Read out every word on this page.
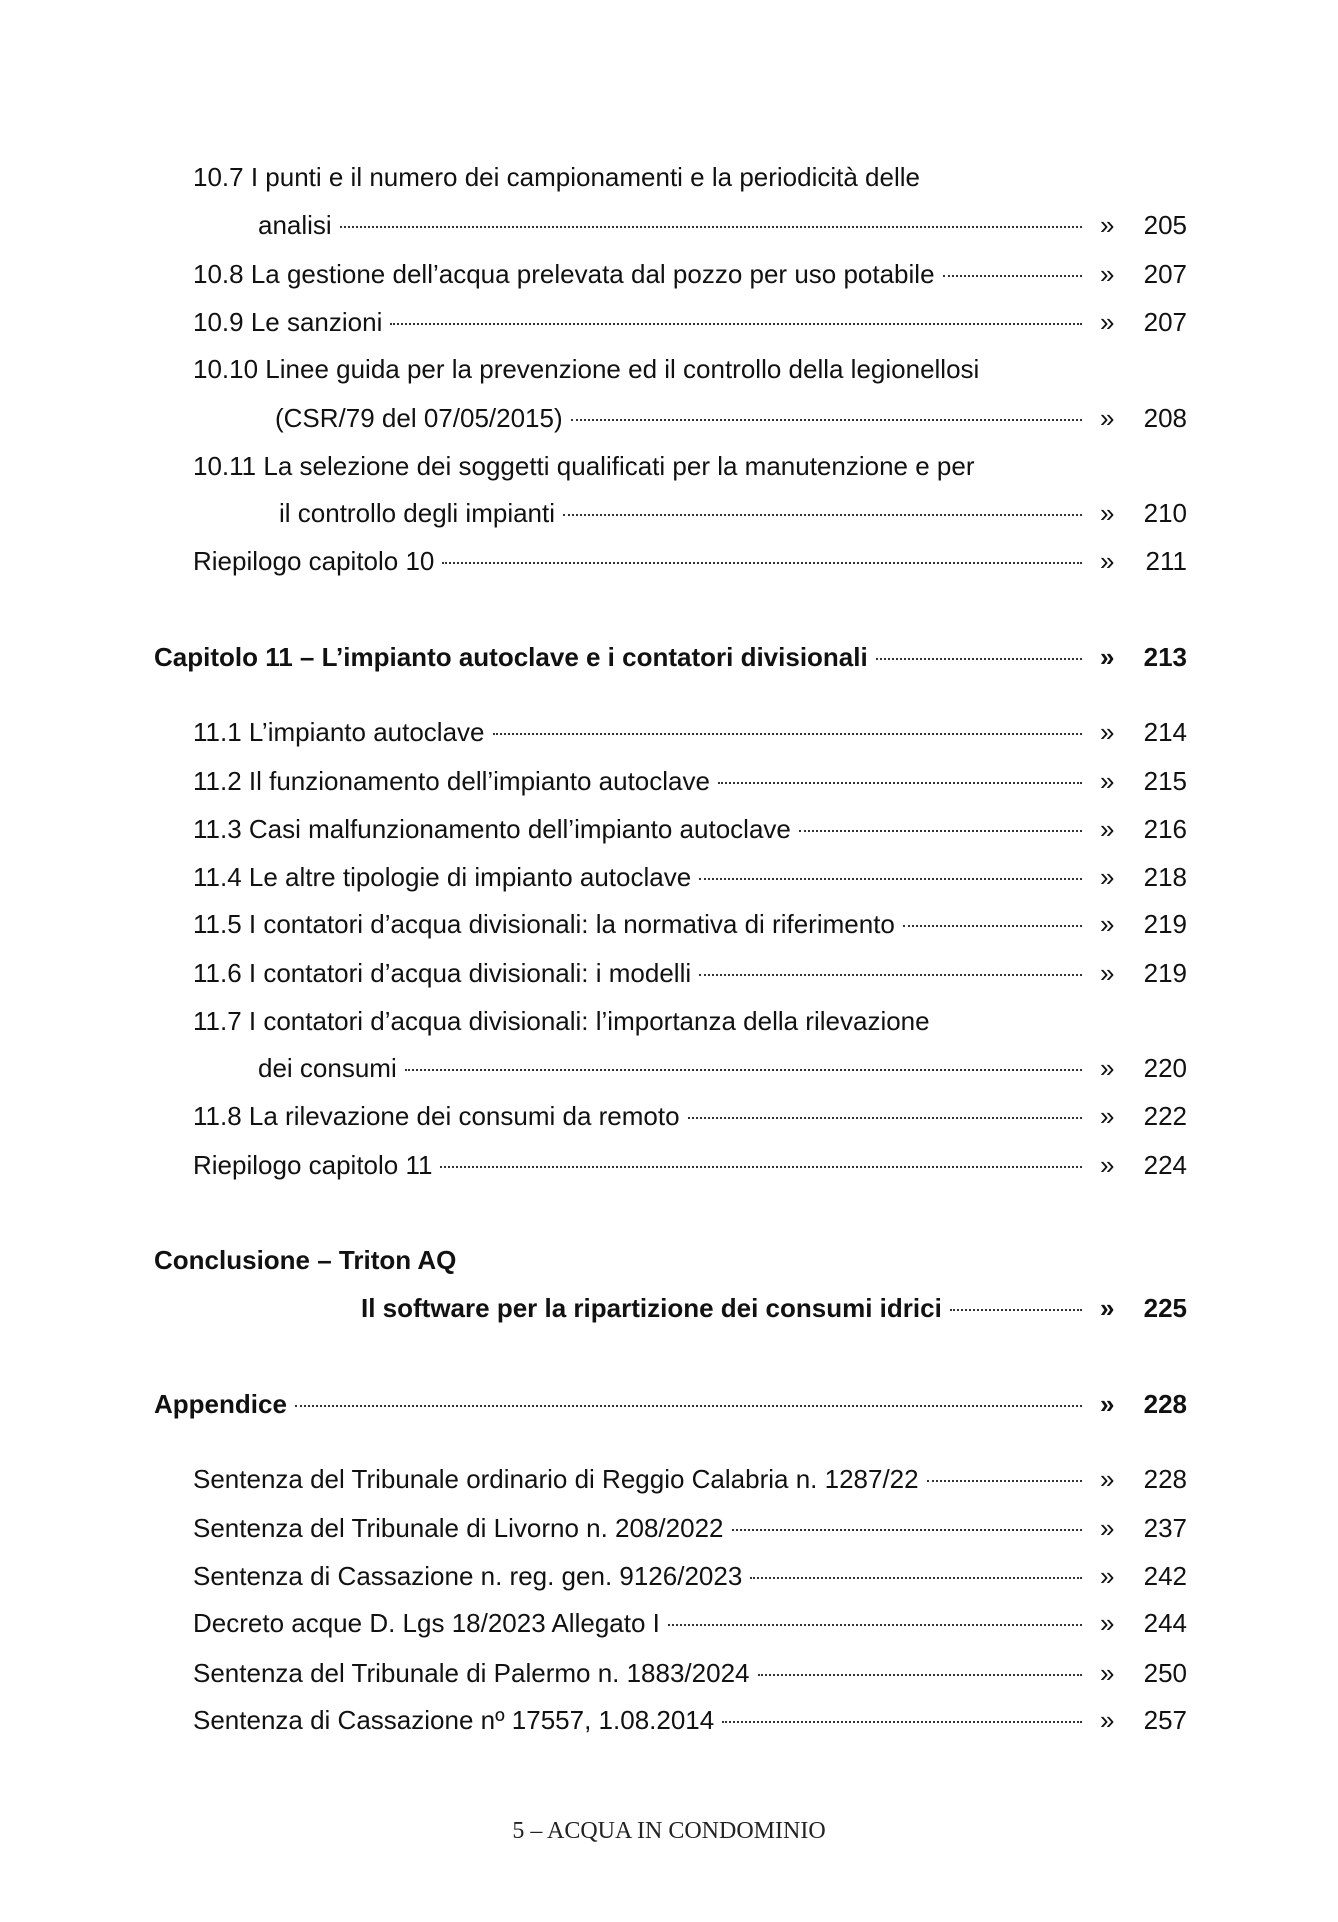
10.7 I punti e il numero dei campionamenti e la periodicità delle
analisi	» 205
10.8 La gestione dell’acqua prelevata dal pozzo per uso potabile	» 207
10.9 Le sanzioni	» 207
10.10 Linee guida per la prevenzione ed il controllo della legionellosi
(CSR/79 del 07/05/2015)	» 208
10.11 La selezione dei soggetti qualificati per la manutenzione e per
il controllo degli impianti	» 210
Riepilogo capitolo 10	» 211
Capitolo 11 – L’impianto autoclave e i contatori divisionali	» 213
11.1 L’impianto autoclave	» 214
11.2 Il funzionamento dell’impianto autoclave	» 215
11.3 Casi malfunzionamento dell’impianto autoclave	» 216
11.4 Le altre tipologie di impianto autoclave	» 218
11.5 I contatori d’acqua divisionali: la normativa di riferimento	» 219
11.6 I contatori d’acqua divisionali: i modelli	» 219
11.7 I contatori d’acqua divisionali: l’importanza della rilevazione
dei consumi	» 220
11.8 La rilevazione dei consumi da remoto	» 222
Riepilogo capitolo 11	» 224
Conclusione – Triton AQ
Il software per la ripartizione dei consumi idrici	» 225
Appendice	» 228
Sentenza del Tribunale ordinario di Reggio Calabria n. 1287/22	» 228
Sentenza del Tribunale di Livorno n. 208/2022	» 237
Sentenza di Cassazione n. reg. gen. 9126/2023	» 242
Decreto acque D. Lgs 18/2023 Allegato I	» 244
Sentenza del Tribunale di Palermo n. 1883/2024	» 250
Sentenza di Cassazione nº 17557, 1.08.2014	» 257
5 – ACQUA IN CONDOMINIO
